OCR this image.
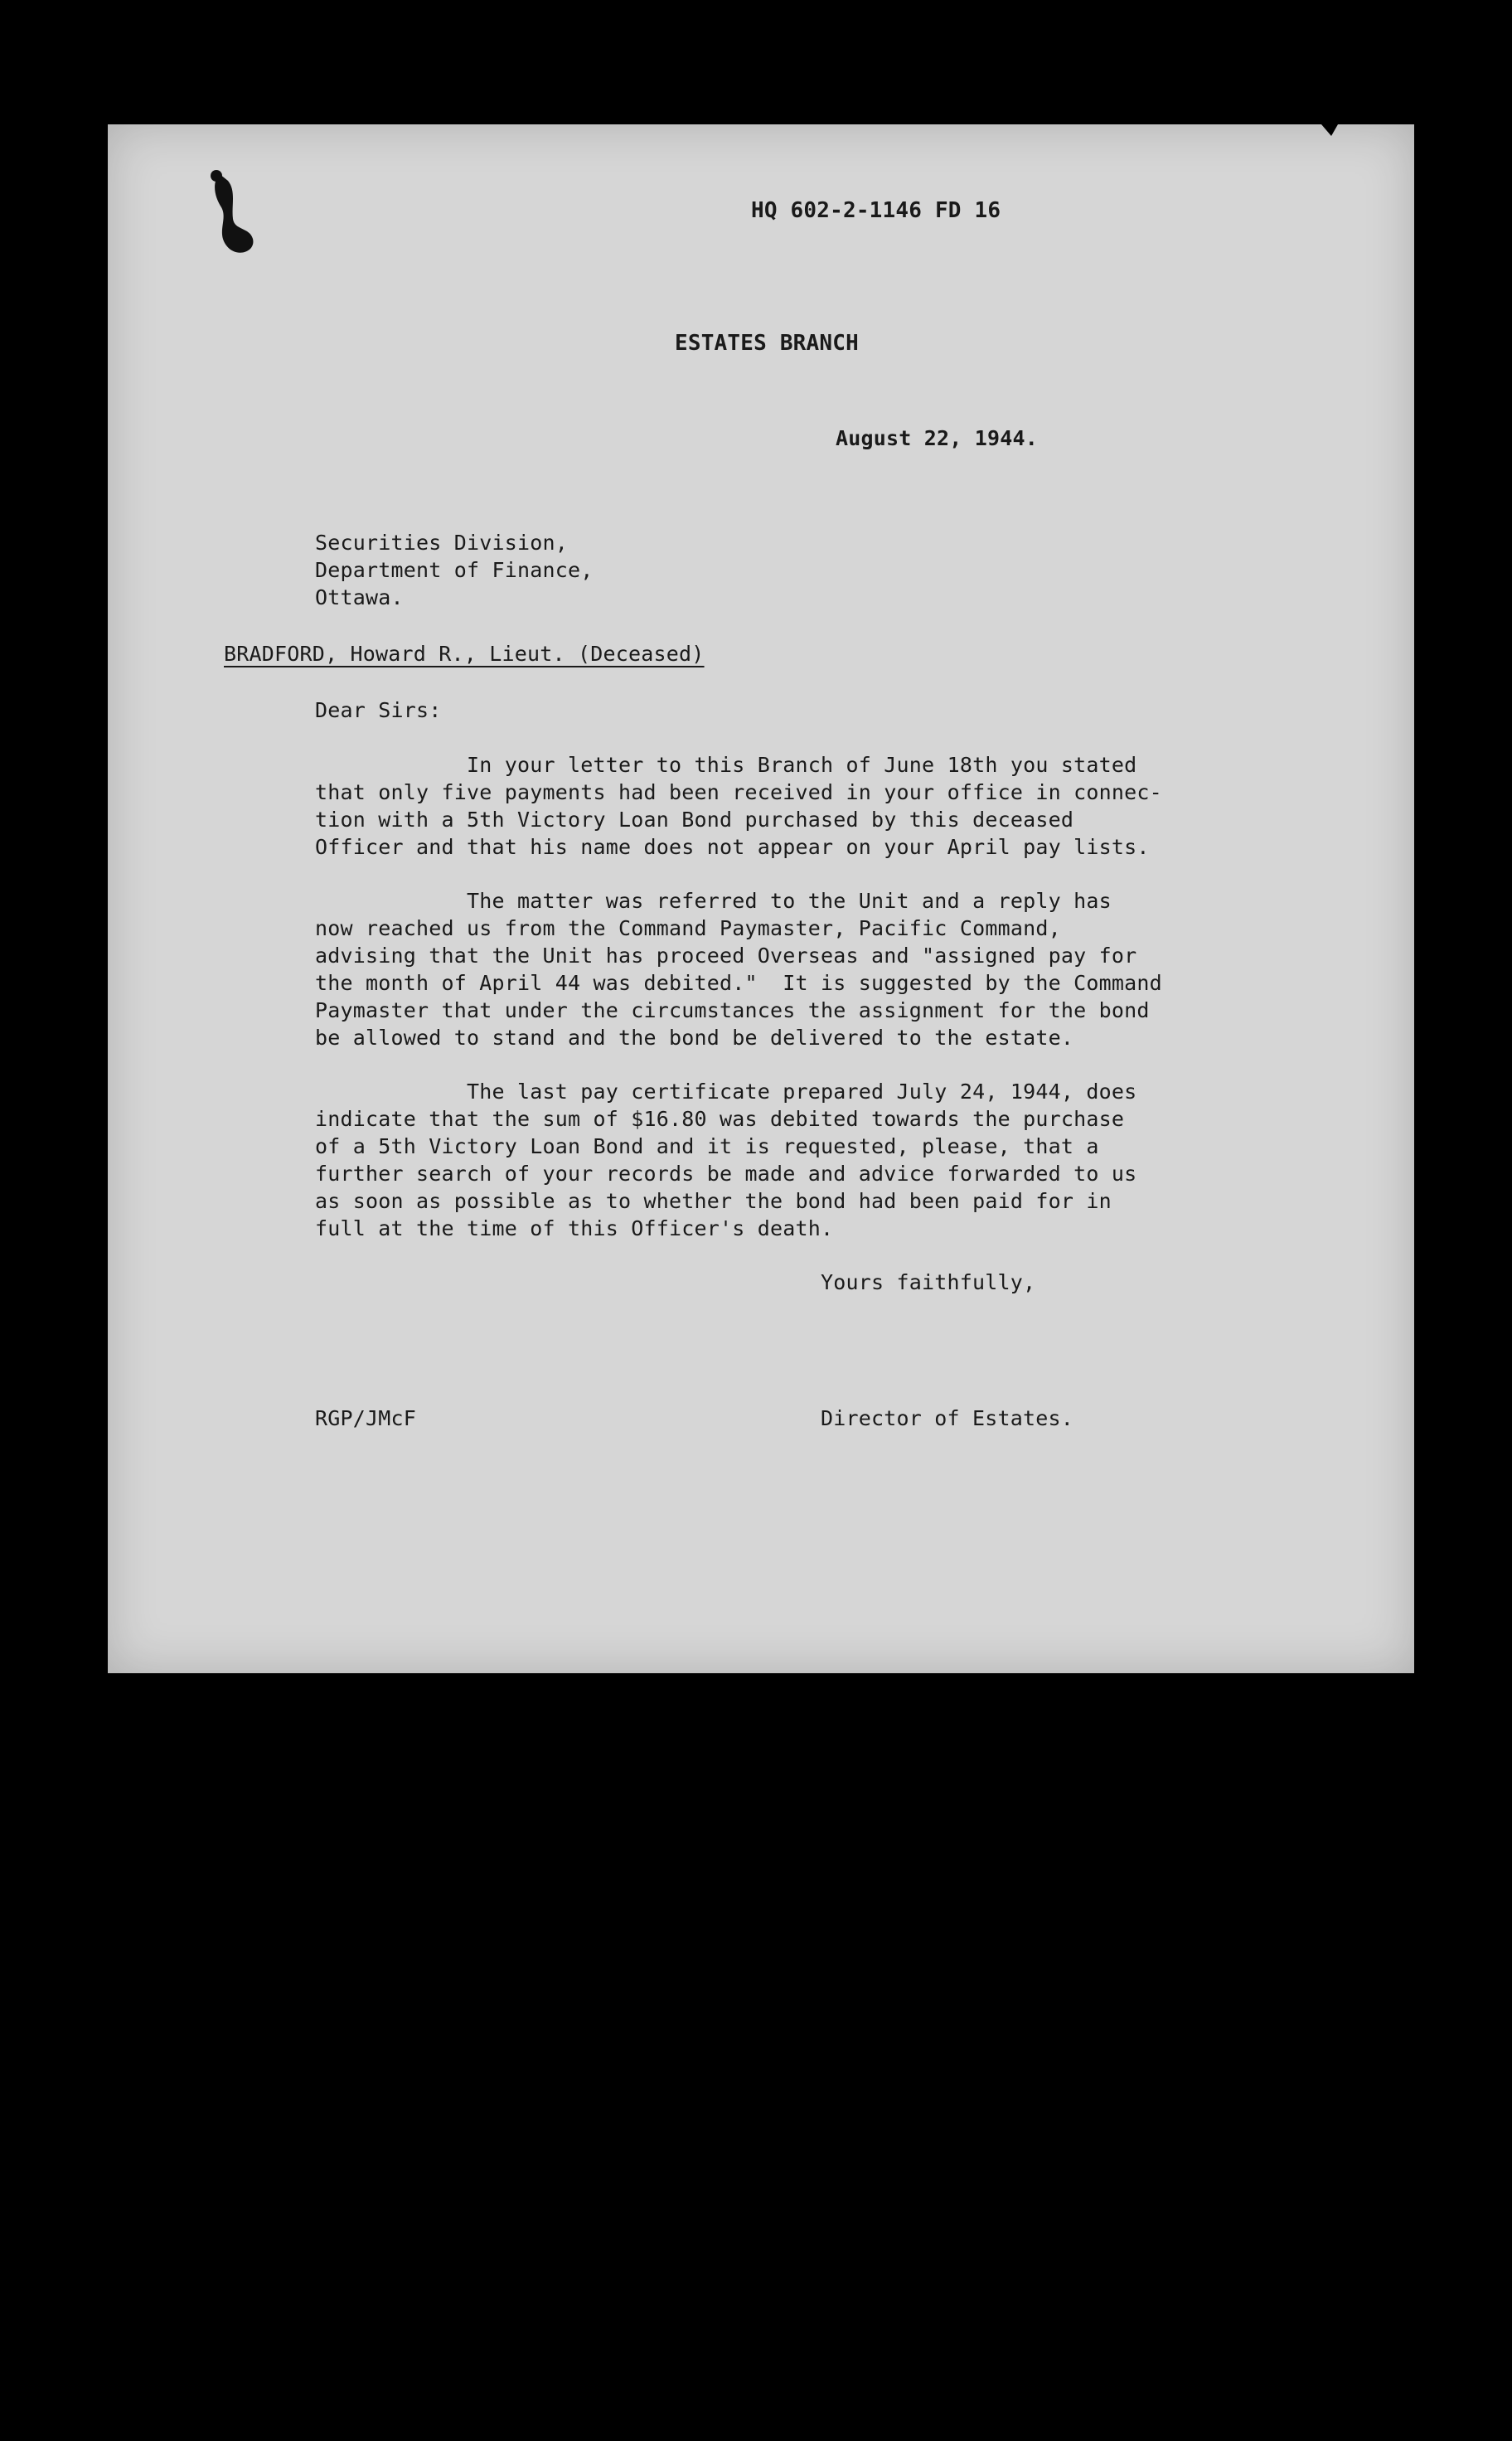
HQ 602-2-1146 FD 16
ESTATES BRANCH
August 22, 1944.
Securities Division,
Department of Finance,
Ottawa.
BRADFORD, Howard R., Lieut. (Deceased)
Dear Sirs:
In your letter to this Branch of June 18th you stated
that only five payments had been received in your office in connec-
tion with a 5th Victory Loan Bond purchased by this deceased
Officer and that his name does not appear on your April pay lists.
The matter was referred to the Unit and a reply has
now reached us from the Command Paymaster, Pacific Command,
advising that the Unit has proceed Overseas and "assigned pay for
the month of April 44 was debited."  It is suggested by the Command
Paymaster that under the circumstances the assignment for the bond
be allowed to stand and the bond be delivered to the estate.
The last pay certificate prepared July 24, 1944, does
indicate that the sum of $16.80 was debited towards the purchase
of a 5th Victory Loan Bond and it is requested, please, that a
further search of your records be made and advice forwarded to us
as soon as possible as to whether the bond had been paid for in
full at the time of this Officer's death.
Yours faithfully,
RGP/JMcF	Director of Estates.
